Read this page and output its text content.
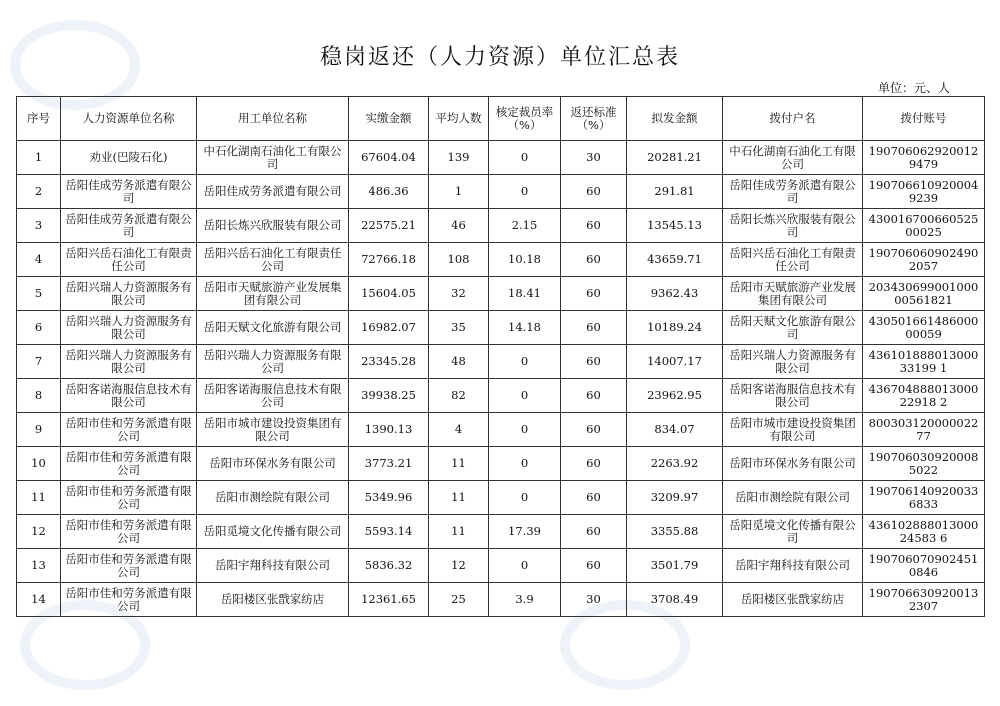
稳岗返还（人力资源）单位汇总表
单位：元、人
序号	人力资源单位名称	用工单位名称	实缴金额	平均人数	核定裁员率（%）	返还标准（%）	拟发金额	拨付户名	拨付账号
1	劝业(巴陵石化)	中石化湖南石油化工有限公司	67604.04	139	0	30	20281.21	中石化湖南石油化工有限公司	1907060629200129479
2	岳阳佳成劳务派遣有限公司	岳阳佳成劳务派遣有限公司	486.36	1	0	60	291.81	岳阳佳成劳务派遣有限公司	1907066109200049239
3	岳阳佳成劳务派遣有限公司	岳阳长炼兴欣服装有限公司	22575.21	46	2.15	60	13545.13	岳阳长炼兴欣服装有限公司	43001670066052500025
4	岳阳兴岳石油化工有限责任公司	岳阳兴岳石油化工有限责任公司	72766.18	108	10.18	60	43659.71	岳阳兴岳石油化工有限责任公司	1907060609024902057
5	岳阳兴瑞人力资源服务有限公司	岳阳市天赋旅游产业发展集团有限公司	15604.05	32	18.41	60	9362.43	岳阳市天赋旅游产业发展集团有限公司	20343069900100000561821
6	岳阳兴瑞人力资源服务有限公司	岳阳天赋文化旅游有限公司	16982.07	35	14.18	60	10189.24	岳阳天赋文化旅游有限公司	43050166148600000059
7	岳阳兴瑞人力资源服务有限公司	岳阳兴瑞人力资源服务有限公司	23345.28	48	0	60	14007.17	岳阳兴瑞人力资源服务有限公司	43610188801300033199 1
8	岳阳客诺海服信息技术有限公司	岳阳客诺海服信息技术有限公司	39938.25	82	0	60	23962.95	岳阳客诺海服信息技术有限公司	43670488801300022918 2
9	岳阳市佳和劳务派遣有限公司	岳阳市城市建设投资集团有限公司	1390.13	4	0	60	834.07	岳阳市城市建设投资集团有限公司	80030312000002277
10	岳阳市佳和劳务派遣有限公司	岳阳市环保水务有限公司	3773.21	11	0	60	2263.92	岳阳市环保水务有限公司	1907060309200085022
11	岳阳市佳和劳务派遣有限公司	岳阳市测绘院有限公司	5349.96	11	0	60	3209.97	岳阳市测绘院有限公司	1907061409200336833
12	岳阳市佳和劳务派遣有限公司	岳阳觅境文化传播有限公司	5593.14	11	17.39	60	3355.88	岳阳觅境文化传播有限公司	43610288801300024583 6
13	岳阳市佳和劳务派遣有限公司	岳阳宇翔科技有限公司	5836.32	12	0	60	3501.79	岳阳宇翔科技有限公司	1907060709024510846
14	岳阳市佳和劳务派遣有限公司	岳阳楼区张戬家纺店	12361.65	25	3.9	30	3708.49	岳阳楼区张戬家纺店	1907066309200132307
